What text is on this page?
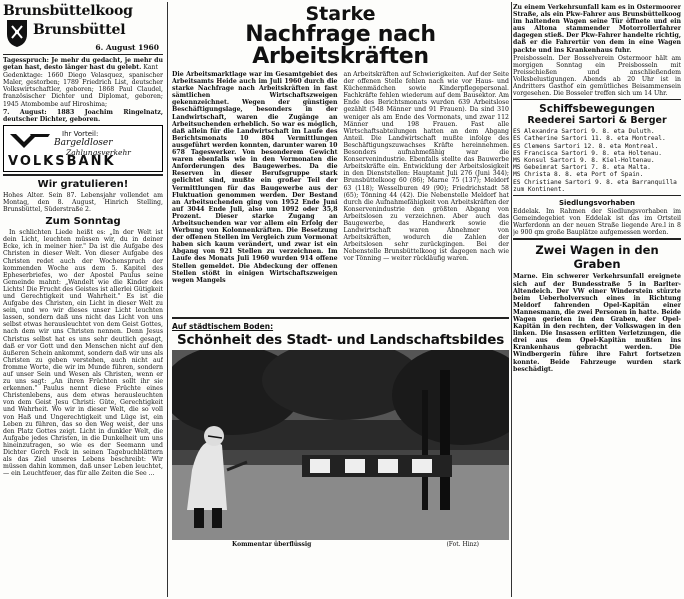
Brunsbüttelkoog
Brunsbüttel
6. August 1960

Tagesspruch: Je mehr du gedacht, je mehr du getan hast, desto länger hast du gelebt. Kant

Gedenktage: 1660 Diego Velasquez, spanischer Maler, gestorben; 1789 Friedrich List, deutscher Volkswirtschaftler, geboren; 1868 Paul Claudel, französischer Dichter und Diplomat, geboren; 1945 Atombombe auf Hiroshima;

7. August: 1883 Joachim Ringelnatz, deutscher Dichter, geboren.

Ihr Vorteil:
Bargeldloser
Zahlungsverkehr
VOLKSBANK
Wir gratulieren!

Hohes Alter. Sein 87. Lebensjahr vollendet am Montag, den 8. August, Hinrich Stelling, Brunsbüttel, Süderstraße 2.

Zum Sonntag

In schlichten Liede heißt es: „In der Welt ist dein Licht, leuchten müssen wir, du in deiner Ecke, ich in meiner hier." Da ist die Aufgabe des Christen in dieser Welt. Von dieser Aufgabe des Christen redet auch der Wochenspruch der kommenden Woche aus dem 5. Kapitel des Epheserbriefes, wo der Apostel Paulus seine Gemeinde mahnt: „Wandelt wie die Kinder des Lichts! Die Frucht des Geistes ist allerlei Gütigkeit und Gerechtigkeit und Wahrheit." Es ist die Aufgabe des Christen, ein Licht in dieser Welt zu sein, und wo wir dieses unser Licht leuchten lassen, sondern daß uns nicht das Licht von uns selbst etwas herausleuchtet von dem Geist Gottes, nach dem wir uns Christen nennen. Denn Jesus Christus selbst hat es uns sehr deutlich gesagt, daß er vor Gott und den Menschen nicht auf den äußeren Schein ankommt, sondern daß wir uns als Christen zu geben verstehen, auch nicht auf fromme Worte, die wir im Munde führen, sondern auf unser Sein und Wesen als Christen, wenn er zu uns sagt: „An ihren Früchten sollt ihr sie erkennen." Paulus nennt diese Früchte eines Christenlebens, aus dem etwas herausleuchten von dem Geist Jesu Christi: Güte, Gerechtigkeit und Wahrheit. Wo wir in dieser Welt, die so voll von Haß und Ungerechtigkeit und Lüge ist, ein Leben zu führen, das so den Weg weist, der uns den Platz Gottes zeigt. Licht in dunkler Welt, die Aufgabe jedes Christen, in die Dunkelheit um uns hineinzutragen, so wie es der Seemann und Dichter Gorch Fock in seinen Tagebuchblättern als das Ziel unseres Lebens beschreibt: Wir müssen dahin kommen, daß unser Leben leuchtet, — ein Leuchtfeuer, das für alle Zeiten die See ...

Starke
Nachfrage nach Arbeitskräften

Die Arbeitsmarktlage war im Gesamtgebiet des Arbeitsamts Heide auch im Juli 1960 durch die starke Nachfrage nach Arbeitskräften in fast sämtlichen Wirtschaftszweigen gekennzeichnet. Wegen der günstigen Beschäftigungslage, besonders in der Landwirtschaft, waren die Zugänge an Arbeitsuchenden erheblich. So war es möglich, daß allein für die Landwirtschaft im Laufe des Berichtsmonats 10 804 Vermittlungen ausgeführt werden konnten, darunter waren 10 678 Tageswerker. Von besonderem Gewicht waren ebenfalls wie in den Vormonaten die Anforderungen des Baugewerbes. Da die Reserven in dieser Berufsgruppe stark gelichtet sind, mußte ein großer Teil der Vermittlungen für das Baugewerbe aus der Fluktuation genommen werden. Der Bestand an Arbeitsuchenden ging von 1952 Ende Juni auf 3044 Ende Juli, also um 1092 oder 35,8 Prozent. Dieser starke Zugang an Arbeitsuchenden war vor allem ein Erfolg der Werbung von Kolonnenkräften. Die Besetzung der offenen Stellen im Vergleich zum Vormonat haben sich kaum verändert, und zwar ist ein Abgang von 921 Stellen zu verzeichnen. Im Laufe des Monats Juli 1960 wurden 914 offene Stellen gemeldet. Die Abdeckung der offenen Stellen stößt in einigen Wirtschaftszweigen wegen Mangels

an Arbeitskräften auf Schwierigkeiten. Auf der Seite der offenen Stelle fehlen nach wie vor Haus- und Küchenmädchen sowie Kinderpflegepersonal. Fachkräfte fehlen wiederum auf dem Bausektor. Am Ende des Berichtsmonats wurden 639 Arbeitslose gezählt (548 Männer und 91 Frauen). Da sind 310 weniger als am Ende des Vormonats, und zwar 112 Männer und 198 Frauen. Fast alle Wirtschaftsabteilungen hatten an dem Abgang Anteil. Die Landwirtschaft mußte infolge des Beschäftigungszuwachses Kräfte hereinnehmen. Besonders aufnahmefähig war die Konservenindustrie. Ebenfalls stellte das Bauwerbe Arbeitskräfte ein. Entwicklung der Arbeitslosigkeit in den Dienststellen: Hauptamt Juli 276 (Juni 344); Brunsbüttelkoog 60 (86); Marne 75 (137); Meldorf 63 (118); Wesselburen 49 (90); Friedrichstadt 58 (65); Tönning 44 (42). Die Nebenstelle Meldorf hat durch die Aufnahmefähigkeit von Arbeitskräften der Konservenindustrie den größten Abgang von Arbeitslosen zu verzeichnen. Aber auch das Baugewerbe, das Handwerk sowie die Landwirtschaft waren Abnehmer von Arbeitskräften, wodurch die Zahlen der Arbeitslosen sehr zurückgingen. Bei der Nebenstelle Brunsbüttelkoog ist dagegen nach wie vor Tönning — weiter rückläufig waren.

Auf städtischem Boden:
Schönheit des Stadt- und Landschaftsbildes
Kommentar überflüssig	(Fot. Hinz)

Zu einem Verkehrsunfall kam es in Ostermoorer Straße, als ein Pkw-Fahrer aus Brunsbüttelkoog im haltenden Wagen seine Tür öffnete und ein aus Altona stammender Motorrollerfahrer dagegen stieß. Der Pkw-Fahrer handelte richtig, daß er die Fahrertür von dem in eine Wagen packte und ins Krankenhaus fuhr.

Preisbosseln. Der Bosselverein Ostermoor hält am morgigen Sonntag ein Preisbosseln mit Preisschießen und anschließendem Volksbelustigungen. Abends ab 20 Uhr ist in Andritters Gasthof ein gemütliches Beisammensein vorgesehen. Die Bosseler treffen sich um 14 Uhr.

Schiffsbewegungen
Reederei Sartori & Berger
ES Alexandra Sartori 9. 8. eta Duluth.
ES Catherine Sartori 11. 8. eta Montreal.
ES Clemens Sartori 12. 8. eta Montreal.
ES Francisca Sartori 9. 8. eta Holtenau.
MS Konsul Sartori 9. 8. Kiel-Holtenau.
MS Gebeimrat Sartori 7. 8. eta Malta.
MS Christa 8. 8. eta Port of Spain.
ES Christiane Sartori 9. 8. eta Barranquilla zum Kontinent.
Siedlungsvorhaben

Eddelak. Im Rahmen der Siedlungsvorhaben im Gemeindegebiet von Eddelak ist das im Ortsteil Warferdonn an der neuen Straße liegende Are.l in 8 je 900 qm große Bauplätze aufgemessen worden.

Zwei Wagen in den Graben

Marne. Ein schwerer Verkehrsunfall ereignete sich auf der Bundesstraße 5 in Barlter-Altendeich. Der VW einer Winderstein stürzte beim Ueberholversuch eines in Richtung Meldorf fahrenden Opel-Kapitän einer Mannesmann, die zwei Personen in hatte. Beide Wagen gerieten in den Graben, der Opel-Kapitän in den rechten, der Volkswagen in den linken. Die Insassen erlitten Verletzungen, die drei aus dem Opel-Kapitän mußten ins Krankenhaus gebracht werden. Die Windbergerin führe ihre Fahrt fortsetzen konnte. Beide Fahrzeuge wurden stark beschädigt.
